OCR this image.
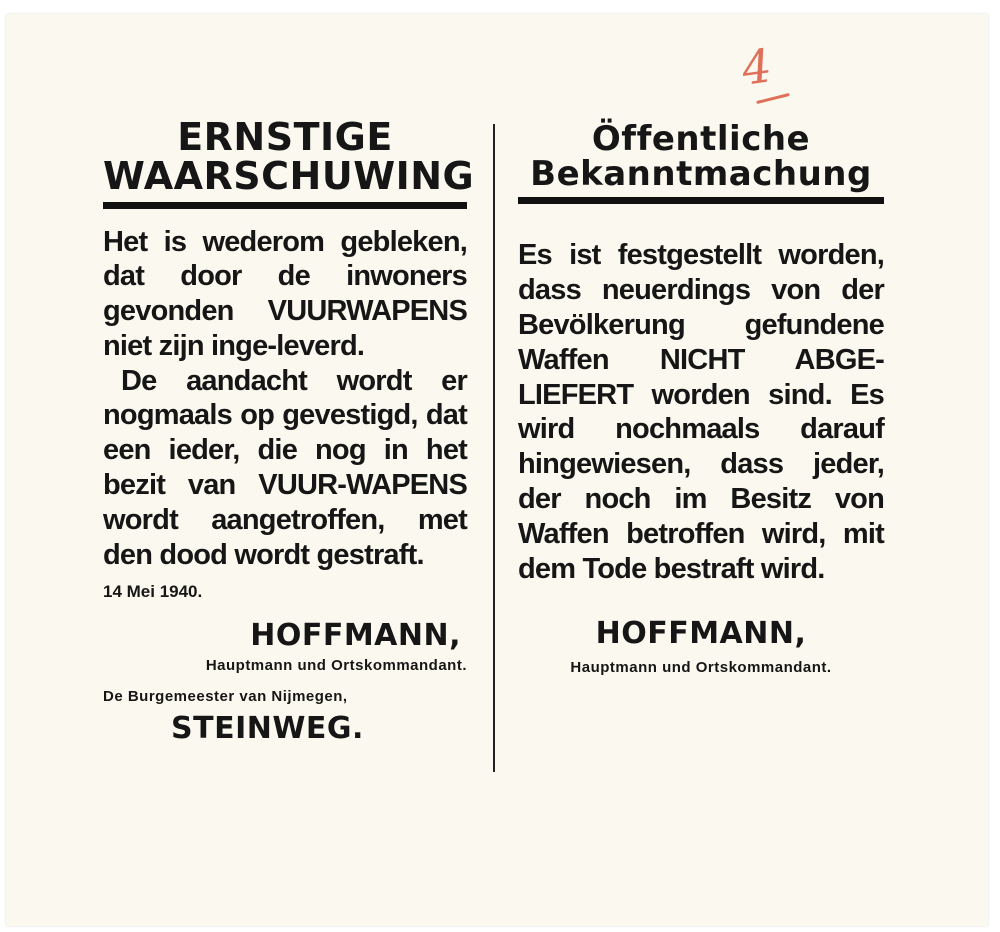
4
ERNSTIGE
WAARSCHUWING

Het is wederom gebleken, dat door de inwoners gevonden VUURWAPENS niet zijn inge-leverd.

De aandacht wordt er nogmaals op gevestigd, dat een ieder, die nog in het bezit van VUUR-WAPENS wordt aangetroffen, met den dood wordt gestraft.

14 Mei 1940.
HOFFMANN,
Hauptmann und Ortskommandant.
De Burgemeester van Nijmegen,
STEINWEG.
Öffentliche
Bekanntmachung

Es ist festgestellt worden, dass neuerdings von der Bevölkerung gefundene Waffen NICHT ABGE-LIEFERT worden sind. Es wird nochmaals darauf hingewiesen, dass jeder, der noch im Besitz von Waffen betroffen wird, mit dem Tode bestraft wird.

HOFFMANN,
Hauptmann und Ortskommandant.
